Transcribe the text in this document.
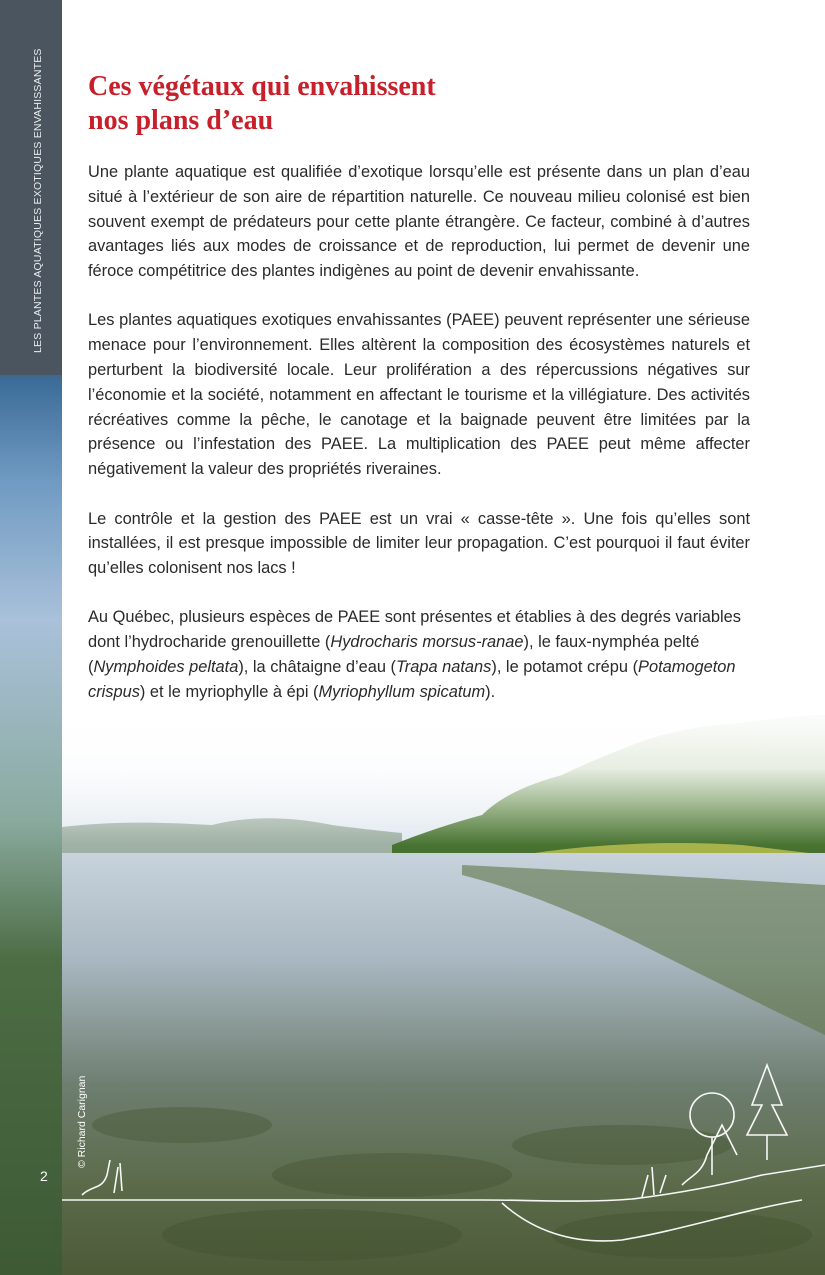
LES PLANTES AQUATIQUES EXOTIQUES ENVAHISSANTES
2
© Richard Carignan
Ces végétaux qui envahissent
nos plans d’eau

Une plante aquatique est qualifiée d’exotique lorsqu’elle est présente dans un plan d’eau situé à l’extérieur de son aire de répartition naturelle. Ce nouveau milieu colonisé est bien souvent exempt de prédateurs pour cette plante étrangère. Ce facteur, combiné à d’autres avantages liés aux modes de croissance et de reproduction, lui permet de devenir une féroce compétitrice des plantes indigènes au point de devenir envahissante.

Les plantes aquatiques exotiques envahissantes (PAEE) peuvent représenter une sérieuse menace pour l’environnement. Elles altèrent la composition des écosystèmes naturels et perturbent la biodiversité locale. Leur prolifération a des répercussions négatives sur l’économie et la société, notamment en affectant le tourisme et la villégiature. Des activités récréatives comme la pêche, le canotage et la baignade peuvent être limitées par la présence ou l’infestation des PAEE. La multiplication des PAEE peut même affecter négativement la valeur des propriétés riveraines.

Le contrôle et la gestion des PAEE est un vrai « casse-tête ». Une fois qu’elles sont installées, il est presque impossible de limiter leur propagation. C’est pourquoi il faut éviter qu’elles colonisent nos lacs !

Au Québec, plusieurs espèces de PAEE sont présentes et établies à des degrés variables dont l’hydrocharide grenouillette (Hydrocharis morsus-ranae), le faux-nymphéa pelté (Nymphoides peltata), la châtaigne d’eau (Trapa natans), le potamot crépu (Potamogeton crispus) et le myriophylle à épi (Myriophyllum spicatum).
